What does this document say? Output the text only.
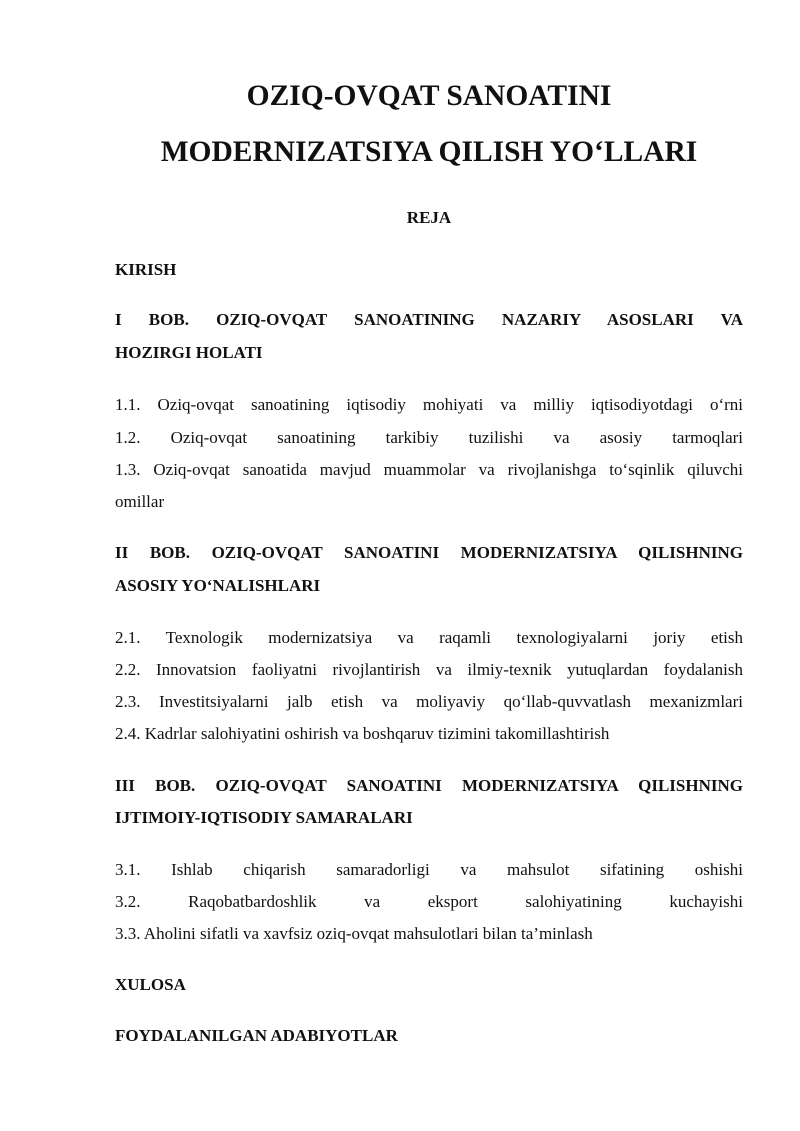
OZIQ-OVQAT SANOATINI
MODERNIZATSIYA QILISH YO‘LLARI
REJA
KIRISH
I BOB. OZIQ-OVQAT SANOATINING NAZARIY ASOSLARI VA
HOZIRGI HOLATI
1.1. Oziq-ovqat sanoatining iqtisodiy mohiyati va milliy iqtisodiyotdagi o‘rni
1.2. Oziq-ovqat sanoatining tarkibiy tuzilishi va asosiy tarmoqlari
1.3. Oziq-ovqat sanoatida mavjud muammolar va rivojlanishga to‘sqinlik qiluvchi
omillar
II BOB. OZIQ-OVQAT SANOATINI MODERNIZATSIYA QILISHNING
ASOSIY YO‘NALISHLARI
2.1. Texnologik modernizatsiya va raqamli texnologiyalarni joriy etish
2.2. Innovatsion faoliyatni rivojlantirish va ilmiy-texnik yutuqlardan foydalanish
2.3. Investitsiyalarni jalb etish va moliyaviy qo‘llab-quvvatlash mexanizmlari
2.4. Kadrlar salohiyatini oshirish va boshqaruv tizimini takomillashtirish
III BOB. OZIQ-OVQAT SANOATINI MODERNIZATSIYA QILISHNING
IJTIMOIY-IQTISODIY SAMARALARI
3.1. Ishlab chiqarish samaradorligi va mahsulot sifatining oshishi
3.2. Raqobatbardoshlik va eksport salohiyatining kuchayishi
3.3. Aholini sifatli va xavfsiz oziq-ovqat mahsulotlari bilan ta’minlash
XULOSA
FOYDALANILGAN ADABIYOTLAR
